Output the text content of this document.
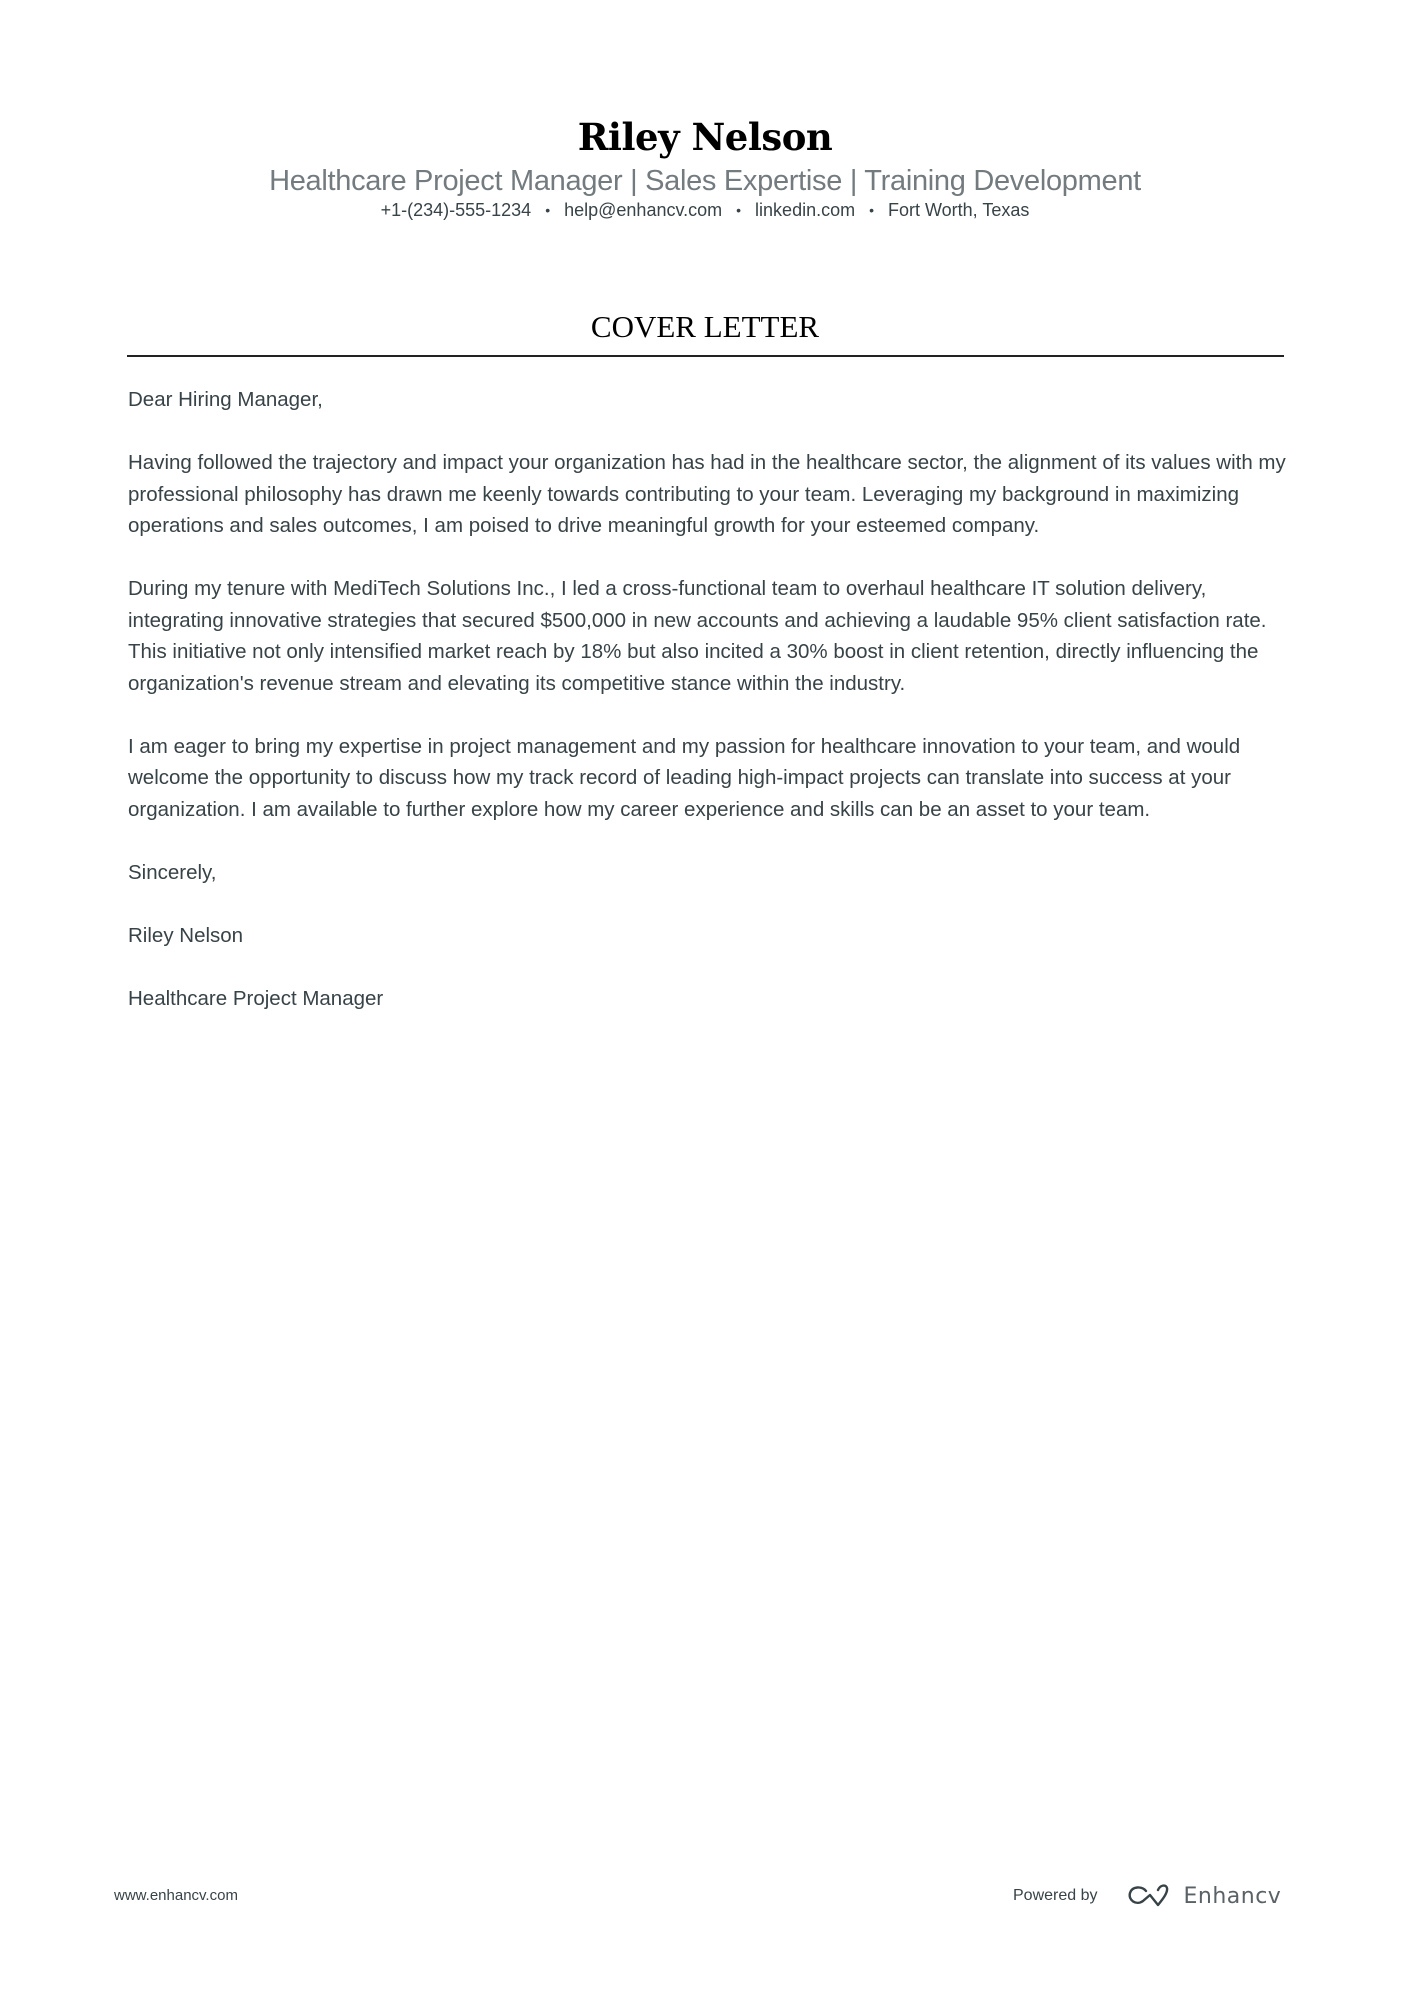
Riley Nelson
Healthcare Project Manager | Sales Expertise | Training Development
+1-(234)-555-1234 • help@enhancv.com • linkedin.com • Fort Worth, Texas
COVER LETTER

Dear Hiring Manager,

Having followed the trajectory and impact your organization has had in the healthcare sector, the alignment of its values with my professional philosophy has drawn me keenly towards contributing to your team. Leveraging my background in maximizing operations and sales outcomes, I am poised to drive meaningful growth for your esteemed company.

During my tenure with MediTech Solutions Inc., I led a cross-functional team to overhaul healthcare IT solution delivery, integrating innovative strategies that secured $500,000 in new accounts and achieving a laudable 95% client satisfaction rate. This initiative not only intensified market reach by 18% but also incited a 30% boost in client retention, directly influencing the organization's revenue stream and elevating its competitive stance within the industry.

I am eager to bring my expertise in project management and my passion for healthcare innovation to your team, and would welcome the opportunity to discuss how my track record of leading high-impact projects can translate into success at your organization. I am available to further explore how my career experience and skills can be an asset to your team.

Sincerely,

Riley Nelson

Healthcare Project Manager

www.enhancv.com	Powered by	Enhancv
